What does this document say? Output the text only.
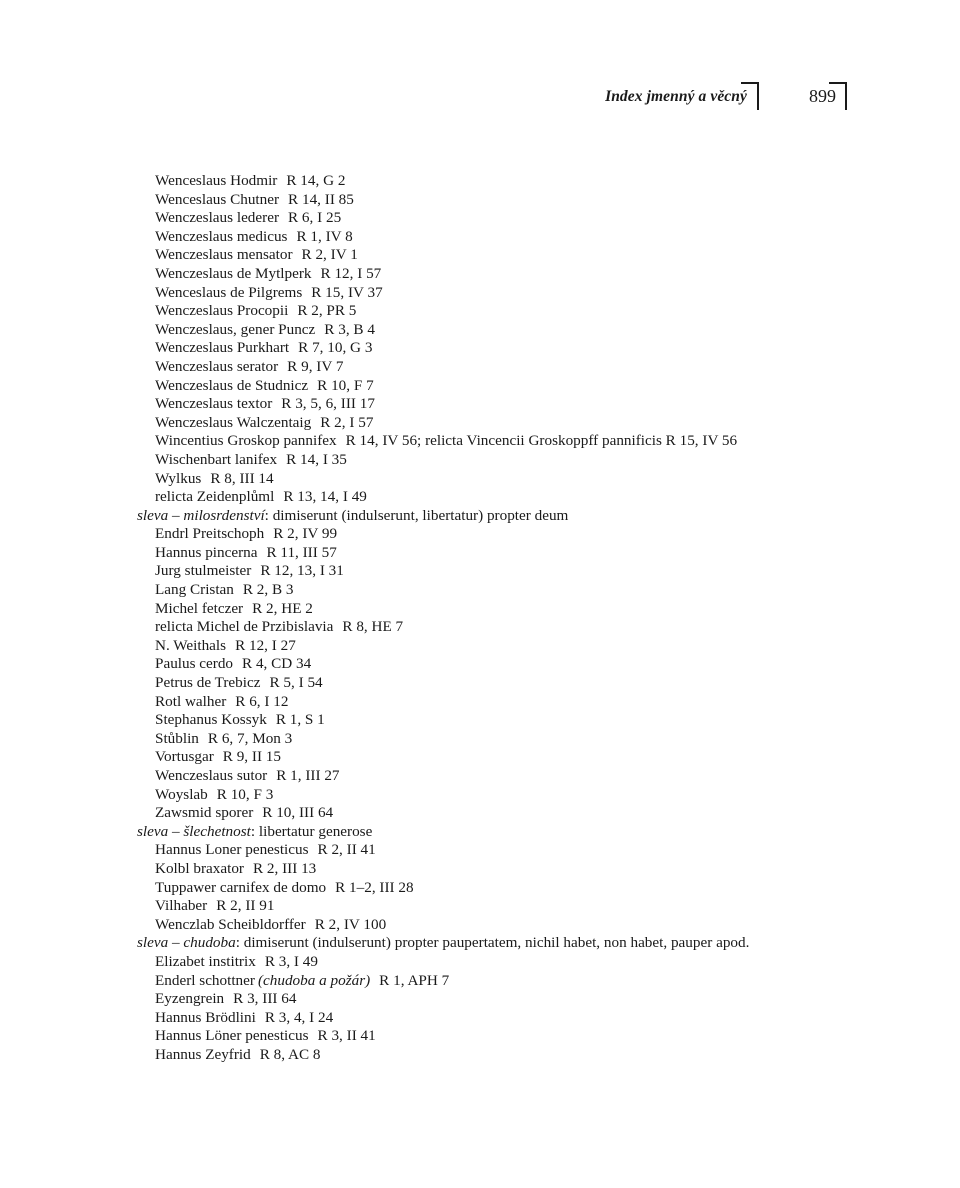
Index jmenný a věcný	899
Wenceslaus Hodmir R 14, G 2
Wenceslaus Chutner R 14, II 85
Wenczeslaus lederer R 6, I 25
Wenczeslaus medicus R 1, IV 8
Wenczeslaus mensator R 2, IV 1
Wenczeslaus de Mytlperk R 12, I 57
Wenceslaus de Pilgrems R 15, IV 37
Wenczeslaus Procopii R 2, PR 5
Wenczeslaus, gener Puncz R 3, B 4
Wenczeslaus Purkhart R 7, 10, G 3
Wenczeslaus serator R 9, IV 7
Wenczeslaus de Studnicz R 10, F 7
Wenczeslaus textor R 3, 5, 6, III 17
Wenczeslaus Walczentaig R 2, I 57
Wincentius Groskop pannifex R 14, IV 56; relicta Vincencii Groskoppff pannificis R 15, IV 56
Wischenbart lanifex R 14, I 35
Wylkus R 8, III 14
relicta Zeidenplůml R 13, 14, I 49
sleva – milosrdenství: dimiserunt (indulserunt, libertatur) propter deum
Endrl Preitschoph R 2, IV 99
Hannus pincerna R 11, III 57
Jurg stulmeister R 12, 13, I 31
Lang Cristan R 2, B 3
Michel fetczer R 2, HE 2
relicta Michel de Przibislavia R 8, HE 7
N. Weithals R 12, I 27
Paulus cerdo R 4, CD 34
Petrus de Trebicz R 5, I 54
Rotl walher R 6, I 12
Stephanus Kossyk R 1, S 1
Stůblin R 6, 7, Mon 3
Vortusgar R 9, II 15
Wenczeslaus sutor R 1, III 27
Woyslab R 10, F 3
Zawsmid sporer R 10, III 64
sleva – šlechetnost: libertatur generose
Hannus Loner penesticus R 2, II 41
Kolbl braxator R 2, III 13
Tuppawer carnifex de domo R 1–2, III 28
Vilhaber R 2, II 91
Wenczlab Scheibldorffer R 2, IV 100
sleva – chudoba: dimiserunt (indulserunt) propter paupertatem, nichil habet, non habet, pauper apod.
Elizabet institrix R 3, I 49
Enderl schottner (chudoba a požár) R 1, APH 7
Eyzengrein R 3, III 64
Hannus Brödlini R 3, 4, I 24
Hannus Löner penesticus R 3, II 41
Hannus Zeyfrid R 8, AC 8
